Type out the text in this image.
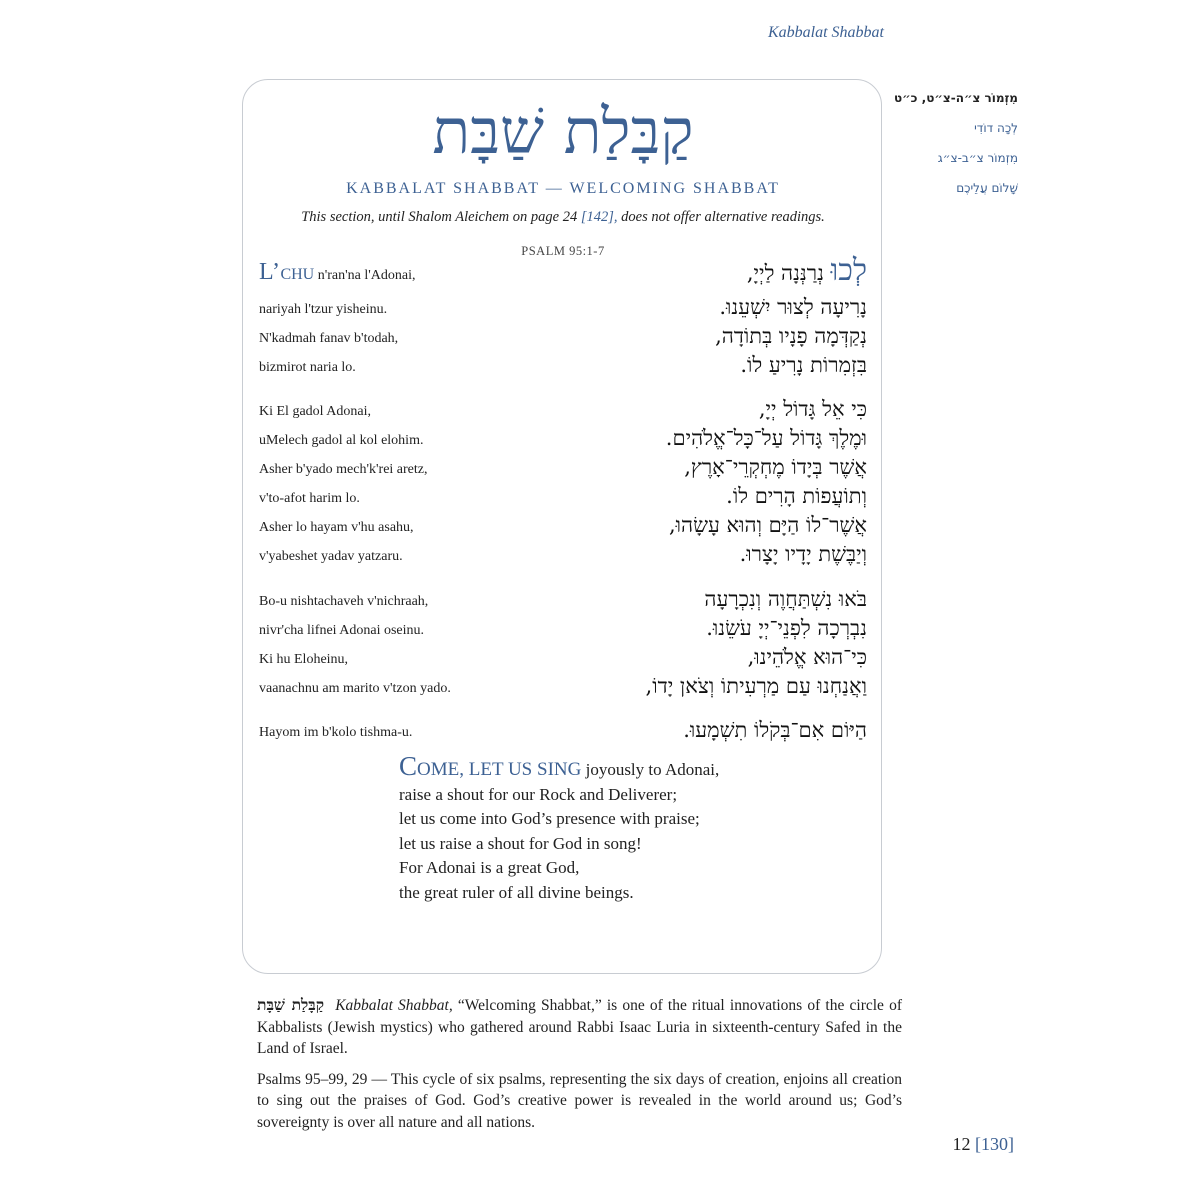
Kabbalat Shabbat
מִזְמוֹר צ״ה-צ״ט, כ״ט
לְכָה דוֹדִי
מִזְמוֹר צ״ב-צ״ג
שָׁלוֹם עֲלֵיכֶם
קַבָּלַת שַׁבָּת
KABBALAT SHABBAT — WELCOMING SHABBAT
This section, until Shalom Aleichem on page 24 [142], does not offer alternative readings.
PSALM 95:1-7
L’CHU n'ran'na l'Adonai,	לְכוּ נְרַנְּנָה לַיְיָ,
nariyah l'tzur yisheinu.	נָרִיעָה לְצוּר יִשְׁעֵנוּ.
N'kadmah fanav b'todah,	נְקַדְּמָה פָנָיו בְּתוֹדָה,
bizmirot naria lo.	בִּזְמִרוֹת נָרִיעַ לוֹ.
Ki El gadol Adonai,	כִּי אֵל גָּדוֹל יְיָ,
uMelech gadol al kol elohim.	וּמֶלֶךְ גָּדוֹל עַל־כָּל־אֱלֹהִים.
Asher b'yado mech'k'rei aretz,	אֲשֶׁר בְּיָדוֹ מֶחְקְרֵי־אָרֶץ,
v'to-afot harim lo.	וְתוֹעֲפוֹת הָרִים לוֹ.
Asher lo hayam v'hu asahu,	אֲשֶׁר־לוֹ הַיָּם וְהוּא עָשָׂהוּ,
v'yabeshet yadav yatzaru.	וְיַבֶּשֶׁת יָדָיו יָצָרוּ.
Bo-u nishtachaveh v'nichraah,	בֹּאוּ נִשְׁתַּחֲוֶה וְנִכְרָעָה
nivr'cha lifnei Adonai oseinu.	נִבְרְכָה לִפְנֵי־יְיָ עֹשֵׂנוּ.
Ki hu Eloheinu,	כִּי־הוּא אֱלֹהֵינוּ,
vaanachnu am marito v'tzon yado.	וַאֲנַחְנוּ עַם מַרְעִיתוֹ וְצֹאן יָדוֹ,
Hayom im b'kolo tishma-u.	הַיּוֹם אִם־בְּקֹלוֹ תִשְׁמָעוּ.
COME, LET US SING joyously to Adonai,
raise a shout for our Rock and Deliverer;
let us come into God’s presence with praise;
let us raise a shout for God in song!
For Adonai is a great God,
the great ruler of all divine beings.

קַבָּלַת שַׁבָּת Kabbalat Shabbat, “Welcoming Shabbat,” is one of the ritual innovations of the circle of Kabbalists (Jewish mystics) who gathered around Rabbi Isaac Luria in sixteenth-century Safed in the Land of Israel.

Psalms 95–99, 29 — This cycle of six psalms, representing the six days of creation, enjoins all creation to sing out the praises of God. God’s creative power is revealed in the world around us; God’s sovereignty is over all nature and all nations.

12 [130]
